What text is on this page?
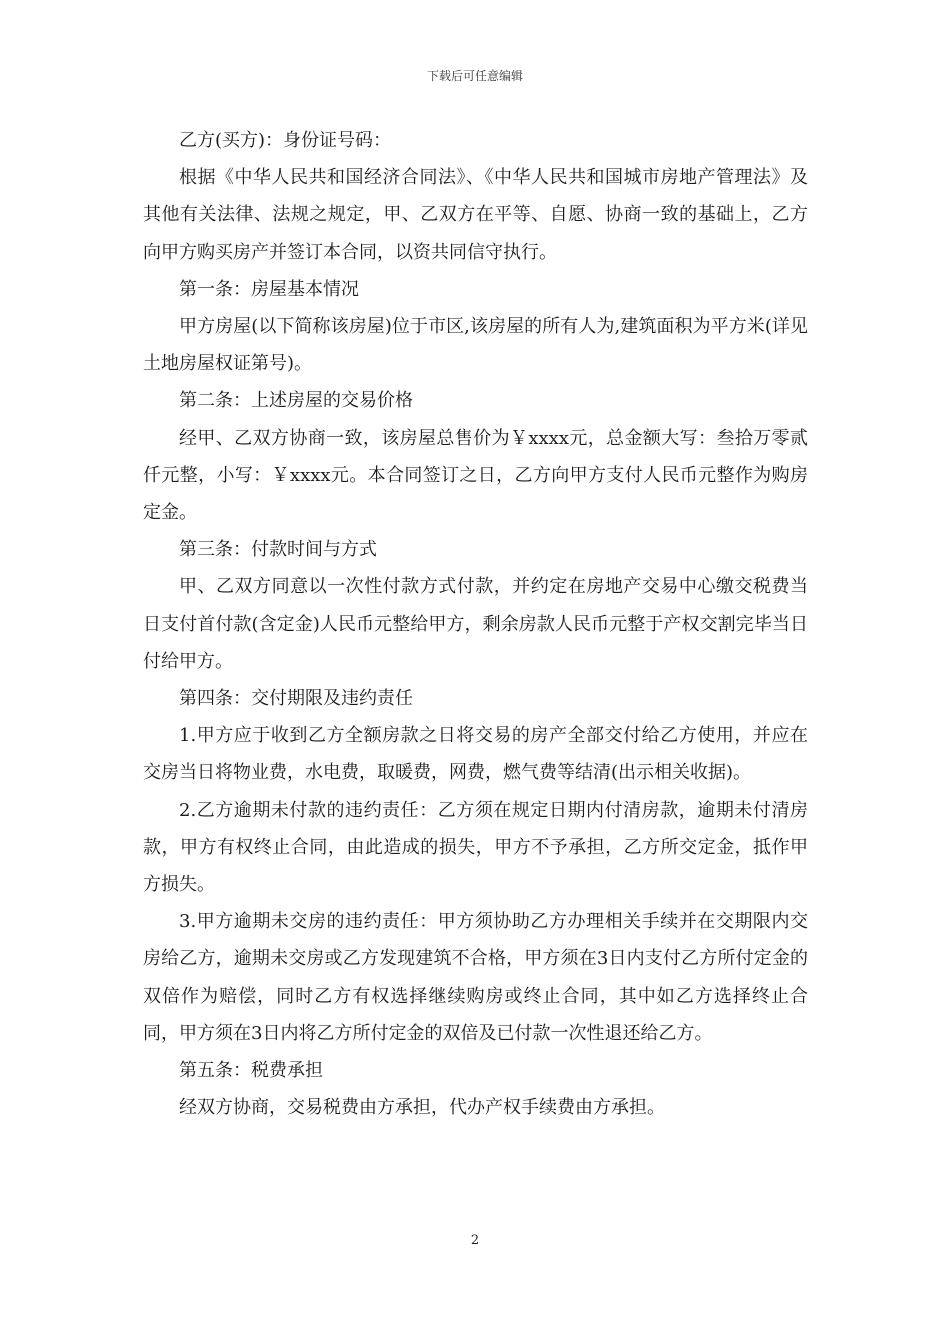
下载后可任意编辑

乙方(买方)：身份证号码：

根据《中华人民共和国经济合同法》、《中华人民共和国城市房地产管理法》及其他有关法律、法规之规定，甲、乙双方在平等、自愿、协商一致的基础上，乙方向甲方购买房产并签订本合同，以资共同信守执行。

第一条：房屋基本情况

甲方房屋(以下简称该房屋)位于市区,该房屋的所有人为,建筑面积为平方米(详见土地房屋权证第号)。

第二条：上述房屋的交易价格

经甲、乙双方协商一致，该房屋总售价为￥xxxx元，总金额大写：叁拾万零贰仟元整，小写：￥xxxx元。本合同签订之日，乙方向甲方支付人民币元整作为购房定金。

第三条：付款时间与方式

甲、乙双方同意以一次性付款方式付款，并约定在房地产交易中心缴交税费当日支付首付款(含定金)人民币元整给甲方，剩余房款人民币元整于产权交割完毕当日付给甲方。

第四条：交付期限及违约责任

1.甲方应于收到乙方全额房款之日将交易的房产全部交付给乙方使用，并应在交房当日将物业费，水电费，取暖费，网费，燃气费等结清(出示相关收据)。

2.乙方逾期未付款的违约责任：乙方须在规定日期内付清房款，逾期未付清房款，甲方有权终止合同，由此造成的损失，甲方不予承担，乙方所交定金，抵作甲方损失。

3.甲方逾期未交房的违约责任：甲方须协助乙方办理相关手续并在交期限内交房给乙方，逾期未交房或乙方发现建筑不合格，甲方须在3日内支付乙方所付定金的双倍作为赔偿，同时乙方有权选择继续购房或终止合同，其中如乙方选择终止合同，甲方须在3日内将乙方所付定金的双倍及已付款一次性退还给乙方。

第五条：税费承担

经双方协商，交易税费由方承担，代办产权手续费由方承担。

2
